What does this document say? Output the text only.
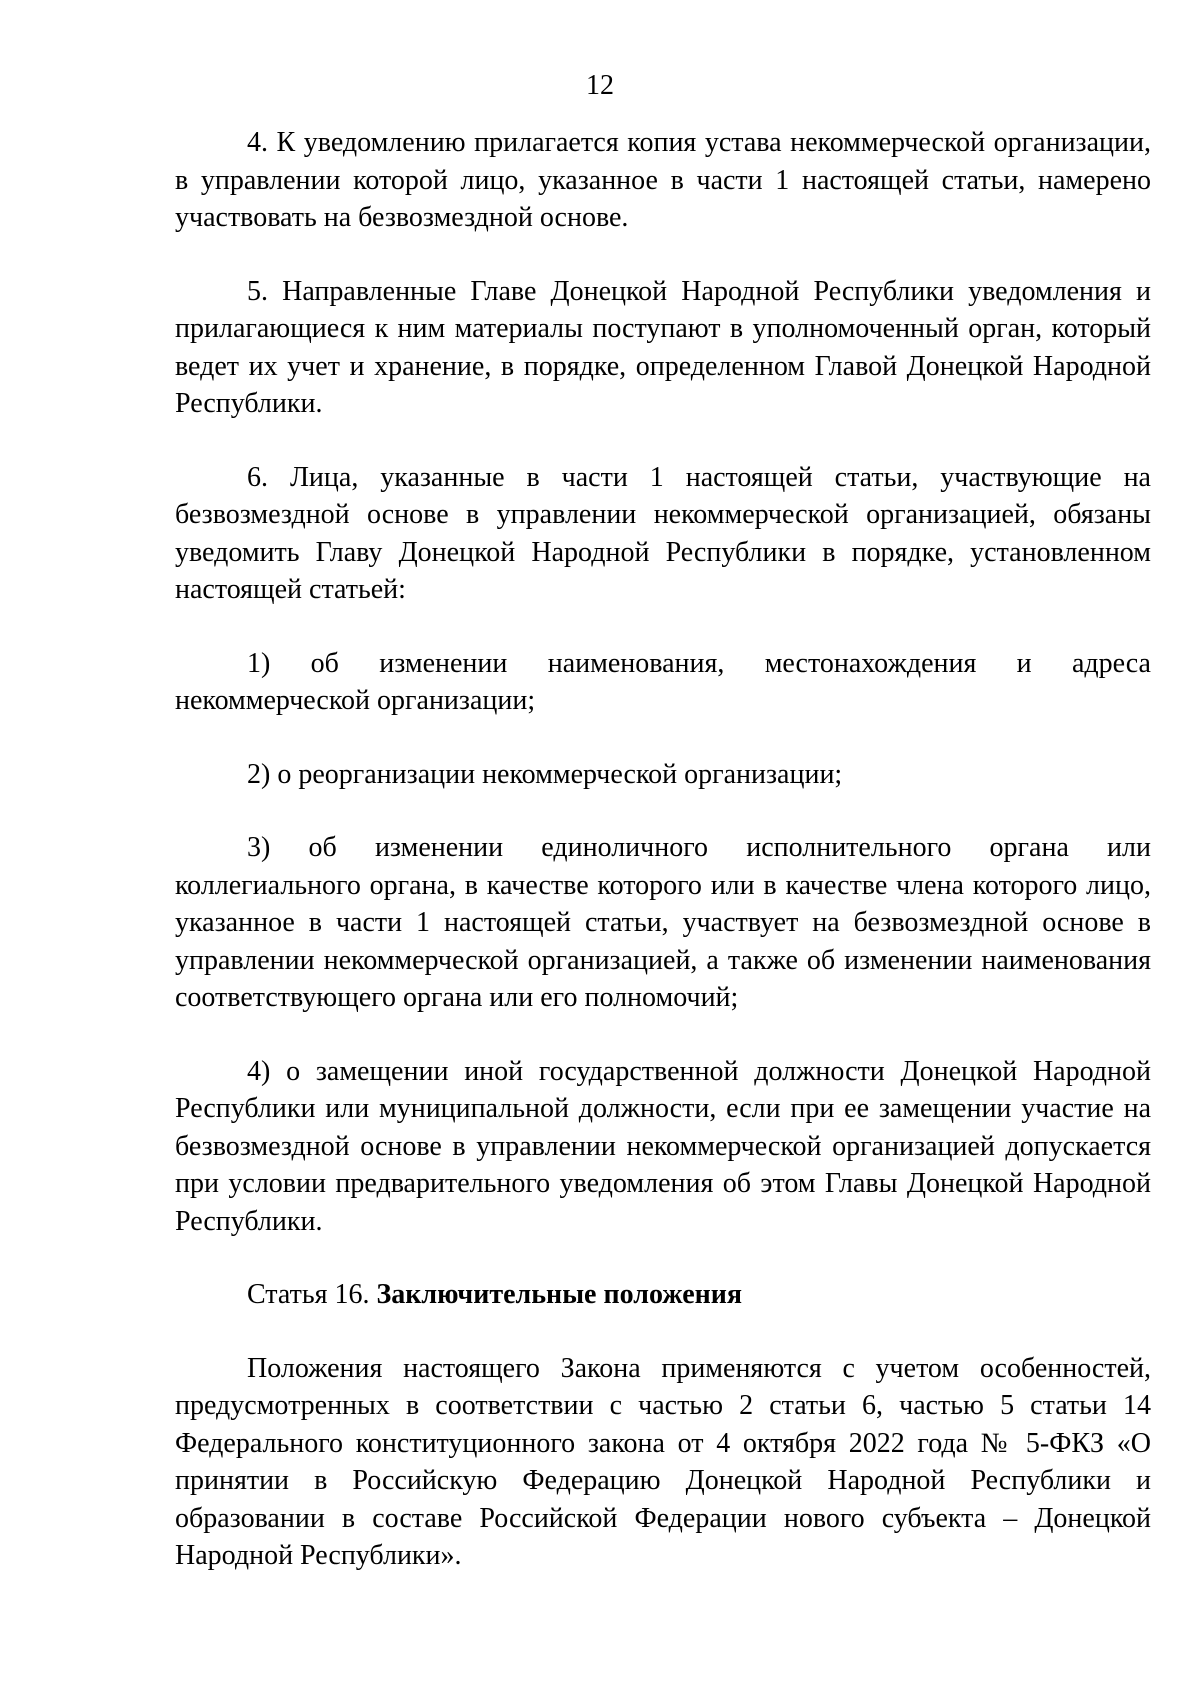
12

4. К уведомлению прилагается копия устава некоммерческой организации, в управлении которой лицо, указанное в части 1 настоящей статьи, намерено участвовать на безвозмездной основе.

5. Направленные Главе Донецкой Народной Республики уведомления и прилагающиеся к ним материалы поступают в уполномоченный орган, который ведет их учет и хранение, в порядке, определенном Главой Донецкой Народной Республики.

6. Лица, указанные в части 1 настоящей статьи, участвующие на безвозмездной основе в управлении некоммерческой организацией, обязаны уведомить Главу Донецкой Народной Республики в порядке, установленном настоящей статьей:

1) об изменении наименования, местонахождения и адреса некоммерческой организации;

2) о реорганизации некоммерческой организации;

3) об изменении единоличного исполнительного органа или коллегиального органа, в качестве которого или в качестве члена которого лицо, указанное в части 1 настоящей статьи, участвует на безвозмездной основе в управлении некоммерческой организацией, а также об изменении наименования соответствующего органа или его полномочий;

4) о замещении иной государственной должности Донецкой Народной Республики или муниципальной должности, если при ее замещении участие на безвозмездной основе в управлении некоммерческой организацией допускается при условии предварительного уведомления об этом Главы Донецкой Народной Республики.

Статья 16. Заключительные положения

Положения настоящего Закона применяются с учетом особенностей, предусмотренных в соответствии с частью 2 статьи 6, частью 5 статьи 14 Федерального конституционного закона от 4 октября 2022 года № 5-ФКЗ «О принятии в Российскую Федерацию Донецкой Народной Республики и образовании в составе Российской Федерации нового субъекта – Донецкой Народной Республики».
